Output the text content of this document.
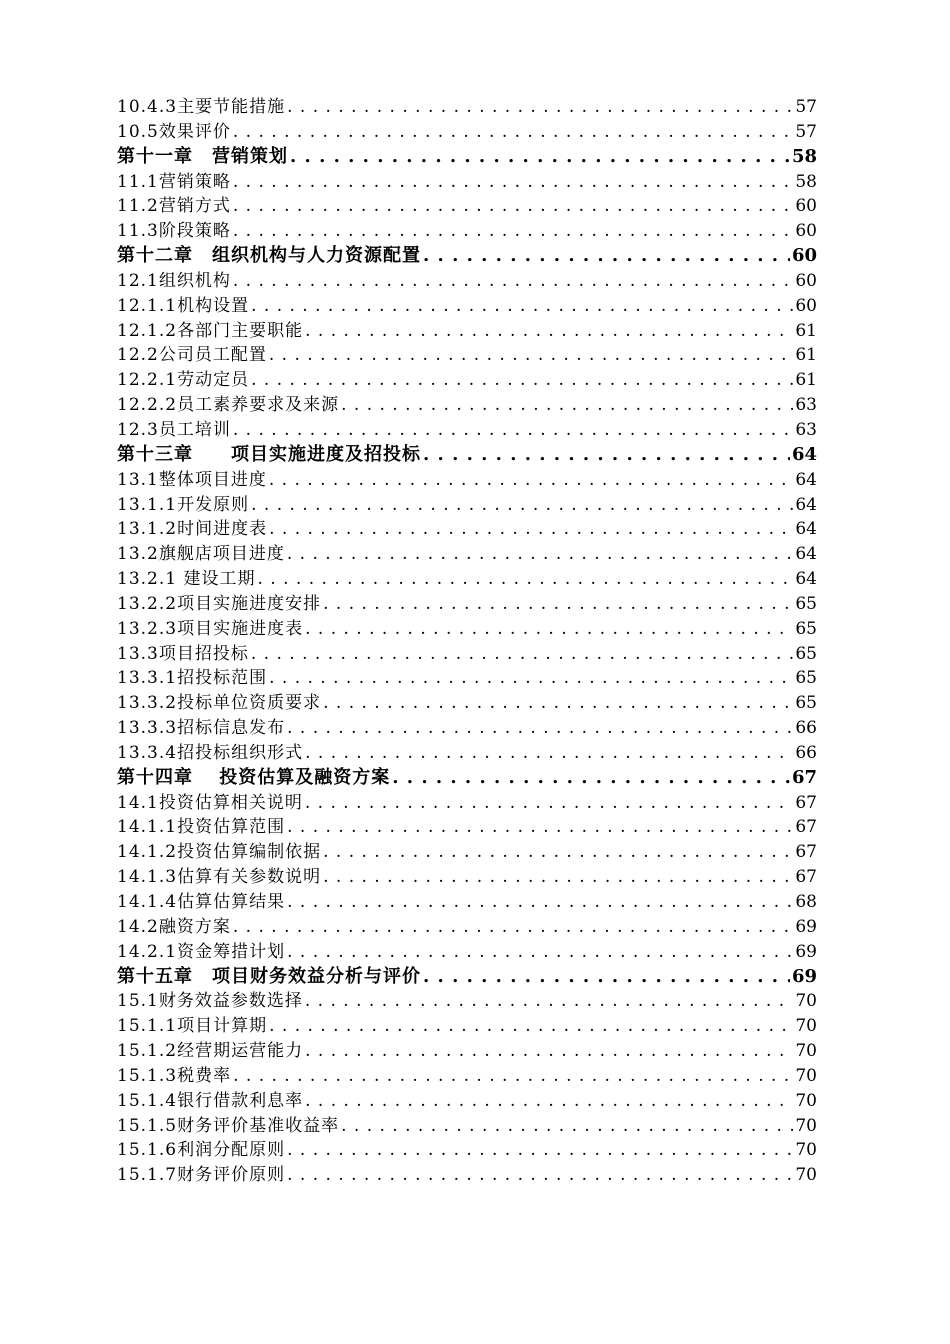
10.4.3主要节能措施 . . .	57
10.5效果评价 . . .	57
第十一章　营销策划 . . .	58
11.1营销策略 . . .	58
11.2营销方式 . . .	60
11.3阶段策略 . . .	60
第十二章　组织机构与人力资源配置 . . .	60
12.1组织机构 . . .	60
12.1.1机构设置 . . .	60
12.1.2各部门主要职能 . . .	61
12.2公司员工配置 . . .	61
12.2.1劳动定员 . . .	61
12.2.2员工素养要求及来源 . . .	63
12.3员工培训 . . .	63
第十三章　　项目实施进度及招投标 . . .	64
13.1整体项目进度 . . .	64
13.1.1开发原则 . . .	64
13.1.2时间进度表 . . .	64
13.2旗舰店项目进度 . . .	64
13.2.1 建设工期 . . .	64
13.2.2项目实施进度安排 . . .	65
13.2.3项目实施进度表 . . .	65
13.3项目招投标 . . .	65
13.3.1招投标范围 . . .	65
13.3.2投标单位资质要求 . . .	65
13.3.3招标信息发布 . . .	66
13.3.4招投标组织形式 . . .	66
第十四章　 投资估算及融资方案 . . .	67
14.1投资估算相关说明 . . .	67
14.1.1投资估算范围 . . .	67
14.1.2投资估算编制依据 . . .	67
14.1.3估算有关参数说明 . . .	67
14.1.4估算估算结果 . . .	68
14.2融资方案 . . .	69
14.2.1资金筹措计划 . . .	69
第十五章　项目财务效益分析与评价 . . .	69
15.1财务效益参数选择 . . .	70
15.1.1项目计算期 . . .	70
15.1.2经营期运营能力 . . .	70
15.1.3税费率 . . .	70
15.1.4银行借款利息率 . . .	70
15.1.5财务评价基准收益率 . . .	70
15.1.6利润分配原则 . . .	70
15.1.7财务评价原则 . . .	70
